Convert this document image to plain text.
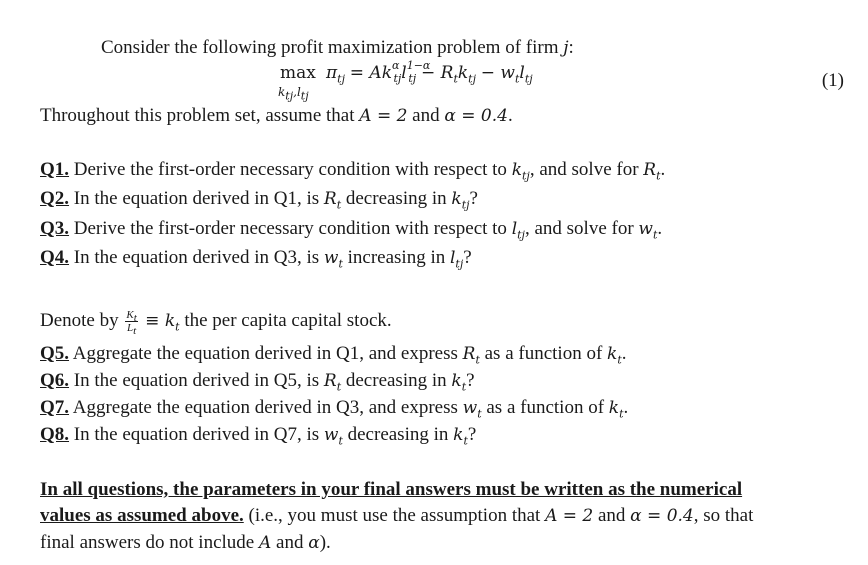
Consider the following profit maximization problem of firm j:
max
$k_{tj},l_{tj}$
$\pi_{tj} = Ak^\alpha_{tj}l^{1-\alpha}_{tj} - R_tk_{tj} - w_tl_{tj}$	(1)
Throughout this problem set, assume that A = 2 and α = 0.4.
Q1. Derive the first-order necessary condition with respect to $k_{tj}$, and solve for $R_t$.
Q2. In the equation derived in Q1, is $R_t$ decreasing in $k_{tj}$?
Q3. Derive the first-order necessary condition with respect to $l_{tj}$, and solve for $w_t$.
Q4. In the equation derived in Q3, is $w_t$ increasing in $l_{tj}$?
Denote by $\frac{K_t}{L_t} \equiv k_t$ the per capita capital stock.
Q5. Aggregate the equation derived in Q1, and express $R_t$ as a function of $k_t$.
Q6. In the equation derived in Q5, is $R_t$ decreasing in $k_t$?
Q7. Aggregate the equation derived in Q3, and express $w_t$ as a function of $k_t$.
Q8. In the equation derived in Q7, is $w_t$ decreasing in $k_t$?
In all questions, the parameters in your final answers must be written as the numerical
values as assumed above. (i.e., you must use the assumption that A = 2 and α = 0.4, so that
final answers do not include A and α).
